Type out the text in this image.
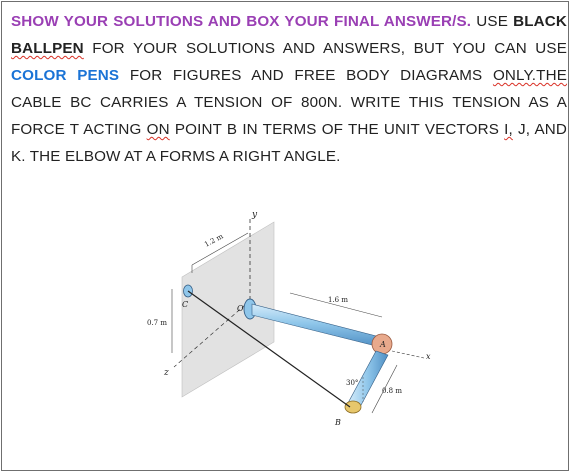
SHOW YOUR SOLUTIONS AND BOX YOUR FINAL ANSWER/S. USE BLACK BALLPEN FOR YOUR SOLUTIONS AND ANSWERS, BUT YOU CAN USE COLOR PENS FOR FIGURES AND FREE BODY DIAGRAMS ONLY.THE CABLE BC CARRIES A TENSION OF 800N. WRITE THIS TENSION AS A FORCE T ACTING ON POINT B IN TERMS OF THE UNIT VECTORS I, J, AND K. THE ELBOW AT A FORMS A RIGHT ANGLE.
y
z
1.2 m
0.7 m
C	O
1.6 m
A
x
B
0.8 m
30°
